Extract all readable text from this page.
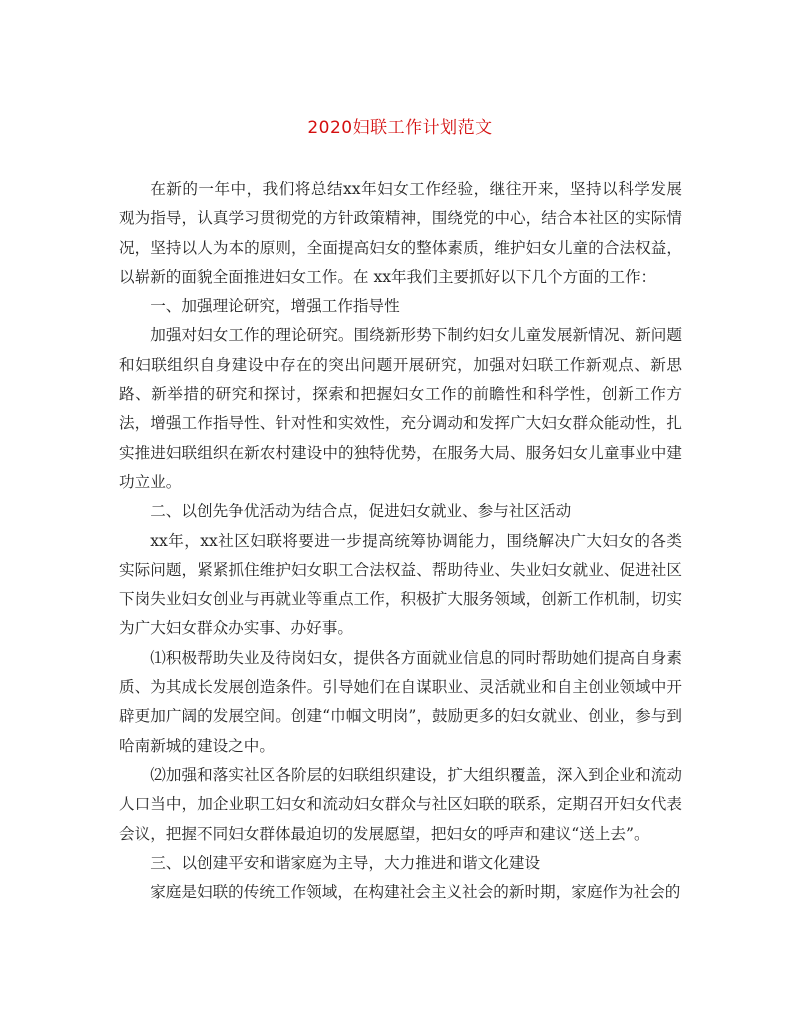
2020妇联工作计划范文

在新的一年中，我们将总结xx年妇女工作经验，继往开来，坚持以科学发展观为指导，认真学习贯彻党的方针政策精神，围绕党的中心，结合本社区的实际情况，坚持以人为本的原则，全面提高妇女的整体素质，维护妇女儿童的合法权益，以崭新的面貌全面推进妇女工作。在 xx年我们主要抓好以下几个方面的工作：

一、加强理论研究，增强工作指导性

加强对妇女工作的理论研究。围绕新形势下制约妇女儿童发展新情况、新问题和妇联组织自身建设中存在的突出问题开展研究，加强对妇联工作新观点、新思路、新举措的研究和探讨，探索和把握妇女工作的前瞻性和科学性，创新工作方法，增强工作指导性、针对性和实效性，充分调动和发挥广大妇女群众能动性，扎实推进妇联组织在新农村建设中的独特优势，在服务大局、服务妇女儿童事业中建功立业。

二、以创先争优活动为结合点，促进妇女就业、参与社区活动

xx年，xx社区妇联将要进一步提高统筹协调能力，围绕解决广大妇女的各类实际问题，紧紧抓住维护妇女职工合法权益、帮助待业、失业妇女就业、促进社区下岗失业妇女创业与再就业等重点工作，积极扩大服务领域，创新工作机制，切实为广大妇女群众办实事、办好事。

⑴积极帮助失业及待岗妇女，提供各方面就业信息的同时帮助她们提高自身素质、为其成长发展创造条件。引导她们在自谋职业、灵活就业和自主创业领域中开辟更加广阔的发展空间。创建“巾帼文明岗”，鼓励更多的妇女就业、创业，参与到哈南新城的建设之中。

⑵加强和落实社区各阶层的妇联组织建设，扩大组织覆盖，深入到企业和流动人口当中，加企业职工妇女和流动妇女群众与社区妇联的联系，定期召开妇女代表会议，把握不同妇女群体最迫切的发展愿望，把妇女的呼声和建议“送上去”。

三、以创建平安和谐家庭为主导，大力推进和谐文化建设

家庭是妇联的传统工作领域，在构建社会主义社会的新时期，家庭作为社会的
